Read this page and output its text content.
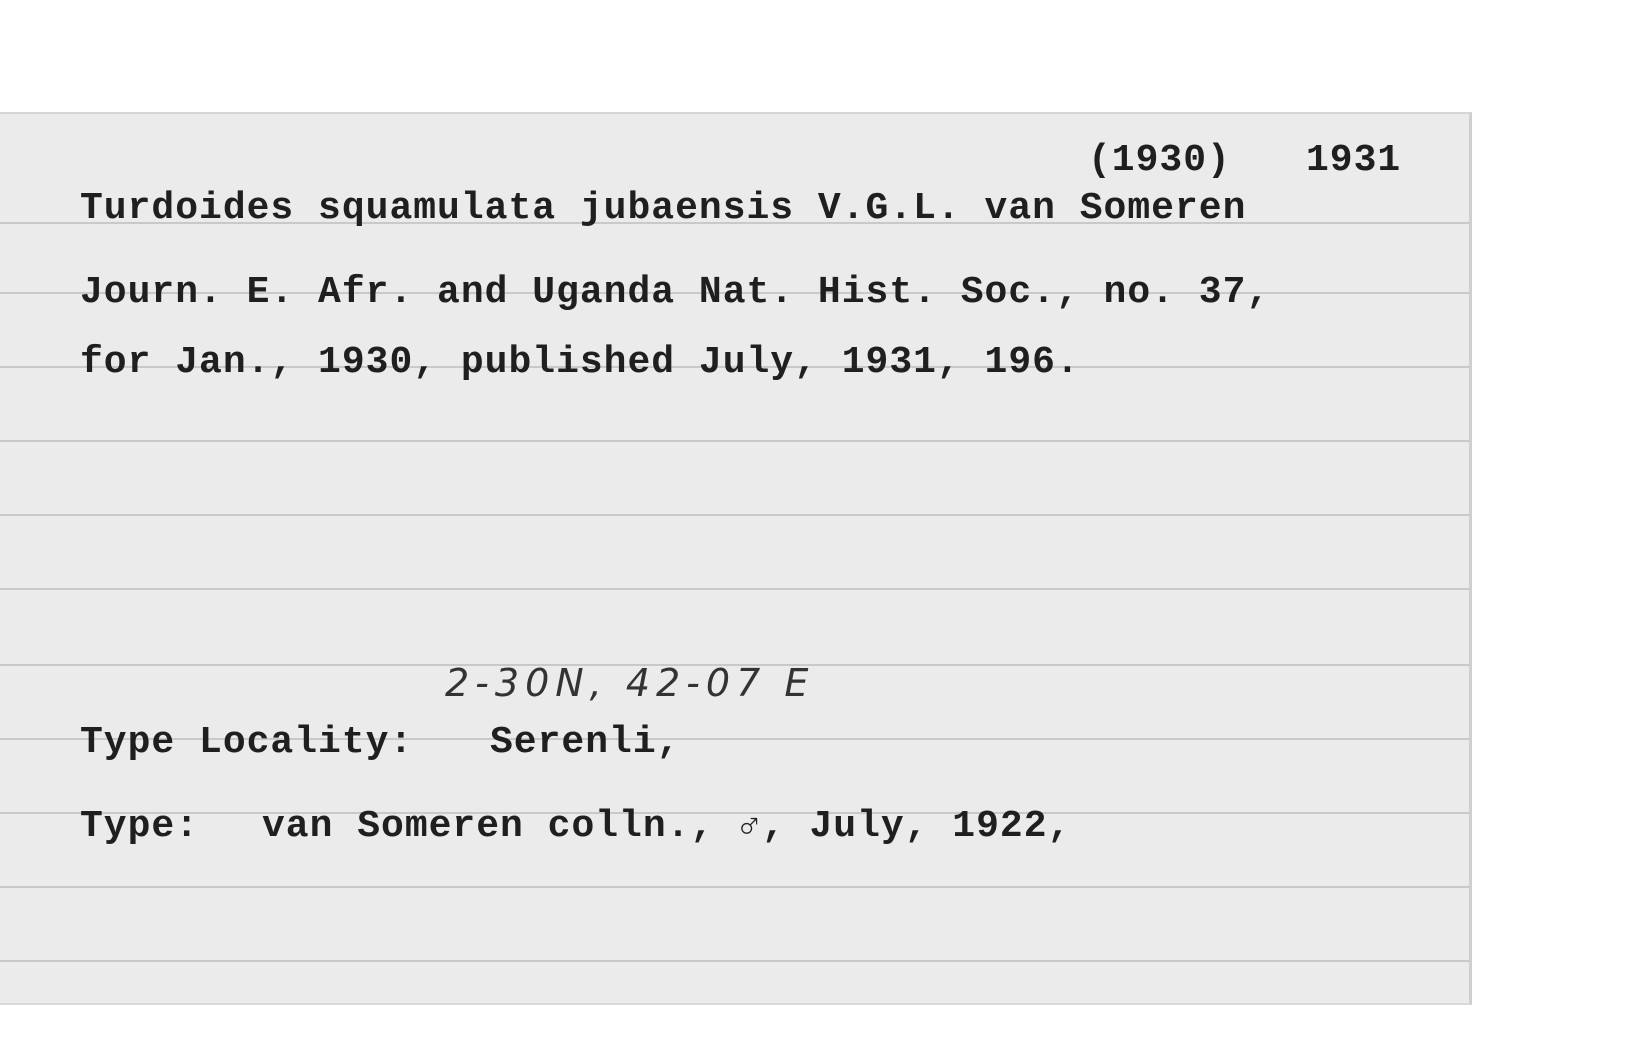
(1930) 1931
Turdoides squamulata jubaensis V.G.L. van Someren
Journ. E. Afr. and Uganda Nat. Hist. Soc., no. 37,
for Jan., 1930, published July, 1931, 196.
2-30N, 42-07 E
Type Locality: Serenli,
Type: van Someren colln., ♂, July, 1922,
